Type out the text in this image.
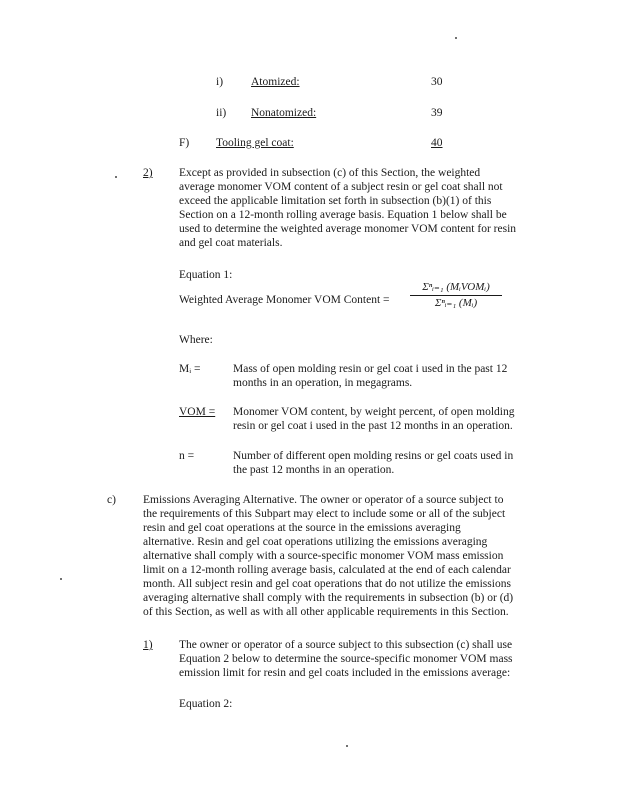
i) Atomized:	30
ii) Nonatomized:	39
F) Tooling gel coat:	40
2) Except as provided in subsection (c) of this Section, the weighted
average monomer VOM content of a subject resin or gel coat shall not
exceed the applicable limitation set forth in subsection (b)(1) of this
Section on a 12-month rolling average basis. Equation 1 below shall be
used to determine the weighted average monomer VOM content for resin
and gel coat materials.
Equation 1:
Weighted Average Monomer VOM Content =
Σⁿᵢ₌₁ (MᵢVOMᵢ)
Σⁿᵢ₌₁ (Mᵢ)
Where:
Mᵢ =	Mass of open molding resin or gel coat i used in the past 12
months in an operation, in megagrams.
VOM = Monomer VOM content, by weight percent, of open molding
resin or gel coat i used in the past 12 months in an operation.
n =	Number of different open molding resins or gel coats used in
the past 12 months in an operation.
c) Emissions Averaging Alternative. The owner or operator of a source subject to
the requirements of this Subpart may elect to include some or all of the subject
resin and gel coat operations at the source in the emissions averaging
alternative. Resin and gel coat operations utilizing the emissions averaging
alternative shall comply with a source-specific monomer VOM mass emission
limit on a 12-month rolling average basis, calculated at the end of each calendar
month. All subject resin and gel coat operations that do not utilize the emissions
averaging alternative shall comply with the requirements in subsection (b) or (d)
of this Section, as well as with all other applicable requirements in this Section.
1) The owner or operator of a source subject to this subsection (c) shall use
Equation 2 below to determine the source-specific monomer VOM mass
emission limit for resin and gel coats included in the emissions average:
Equation 2:
